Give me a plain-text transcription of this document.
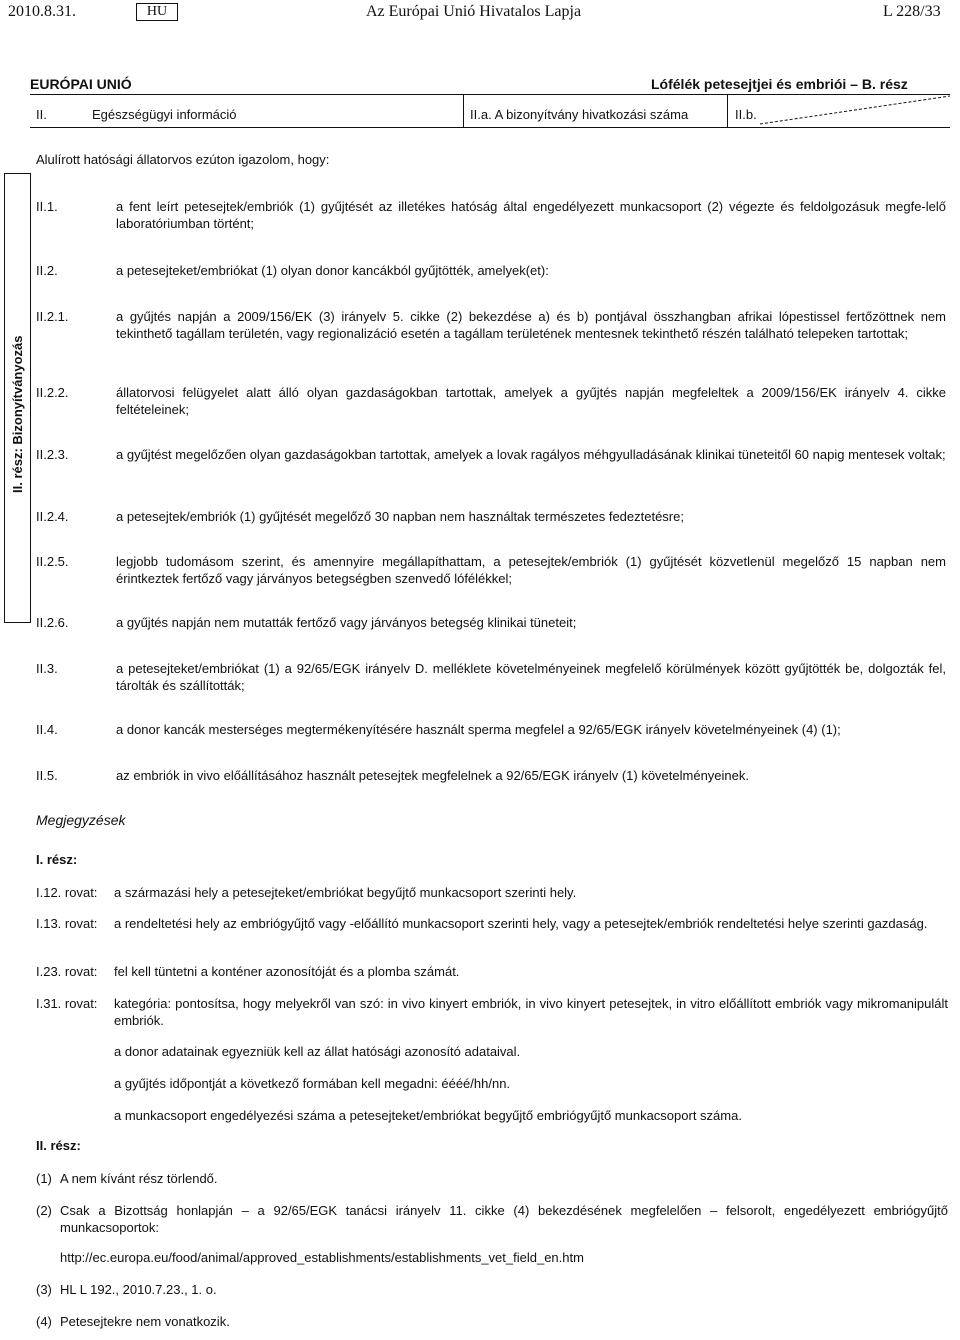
2010.8.31.	HU	Az Európai Unió Hivatalos Lapja	L 228/33
EURÓPAI UNIÓ	Lófélék petesejtjei és embriói – B. rész
II.	Egészségügyi információ	II.a. A bizonyítvány hivatkozási száma	II.b.
Alulírott hatósági állatorvos ezúton igazolom, hogy:
II. rész: Bizonyítványozás
II.1.	a fent leírt petesejtek/embriók (1) gyűjtését az illetékes hatóság által engedélyezett munkacsoport (2) végezte és feldolgozásuk megfe-lelő laboratóriumban történt;
II.2.	a petesejteket/embriókat (1) olyan donor kancákból gyűjtötték, amelyek(et):
II.2.1.	a gyűjtés napján a 2009/156/EK (3) irányelv 5. cikke (2) bekezdése a) és b) pontjával összhangban afrikai lópestissel fertőzöttnek nem tekinthető tagállam területén, vagy regionalizáció esetén a tagállam területének mentesnek tekinthető részén található telepeken tartottak;
II.2.2.	állatorvosi felügyelet alatt álló olyan gazdaságokban tartottak, amelyek a gyűjtés napján megfeleltek a 2009/156/EK irányelv 4. cikke feltételeinek;
II.2.3.	a gyűjtést megelőzően olyan gazdaságokban tartottak, amelyek a lovak ragályos méhgyulladásának klinikai tüneteitől 60 napig mentesek voltak;
II.2.4.	a petesejtek/embriók (1) gyűjtését megelőző 30 napban nem használtak természetes fedeztetésre;
II.2.5.	legjobb tudomásom szerint, és amennyire megállapíthattam, a petesejtek/embriók (1) gyűjtését közvetlenül megelőző 15 napban nem érintkeztek fertőző vagy járványos betegségben szenvedő lófélékkel;
II.2.6.	a gyűjtés napján nem mutatták fertőző vagy járványos betegség klinikai tüneteit;
II.3.	a petesejteket/embriókat (1) a 92/65/EGK irányelv D. melléklete követelményeinek megfelelő körülmények között gyűjtötték be, dolgozták fel, tárolták és szállították;
II.4.	a donor kancák mesterséges megtermékenyítésére használt sperma megfelel a 92/65/EGK irányelv követelményeinek (4) (1);
II.5.	az embriók in vivo előállításához használt petesejtek megfelelnek a 92/65/EGK irányelv (1) követelményeinek.
Megjegyzések
I. rész:
I.12. rovat: a származási hely a petesejteket/embriókat begyűjtő munkacsoport szerinti hely.
I.13. rovat: a rendeltetési hely az embriógyűjtő vagy -előállító munkacsoport szerinti hely, vagy a petesejtek/embriók rendeltetési helye szerinti gazdaság.
I.23. rovat: fel kell tüntetni a konténer azonosítóját és a plomba számát.
I.31. rovat: kategória: pontosítsa, hogy melyekről van szó: in vivo kinyert embriók, in vivo kinyert petesejtek, in vitro előállított embriók vagy mikromanipulált embriók.
a donor adatainak egyezniük kell az állat hatósági azonosító adataival.
a gyűjtés időpontját a következő formában kell megadni: éééé/hh/nn.
a munkacsoport engedélyezési száma a petesejteket/embriókat begyűjtő embriógyűjtő munkacsoport száma.
II. rész:
(1) A nem kívánt rész törlendő.
(2) Csak a Bizottság honlapján – a 92/65/EGK tanácsi irányelv 11. cikke (4) bekezdésének megfelelően – felsorolt, engedélyezett embriógyűjtő munkacsoportok:
http://ec.europa.eu/food/animal/approved_establishments/establishments_vet_field_en.htm
(3) HL L 192., 2010.7.23., 1. o.
(4) Petesejtekre nem vonatkozik.
